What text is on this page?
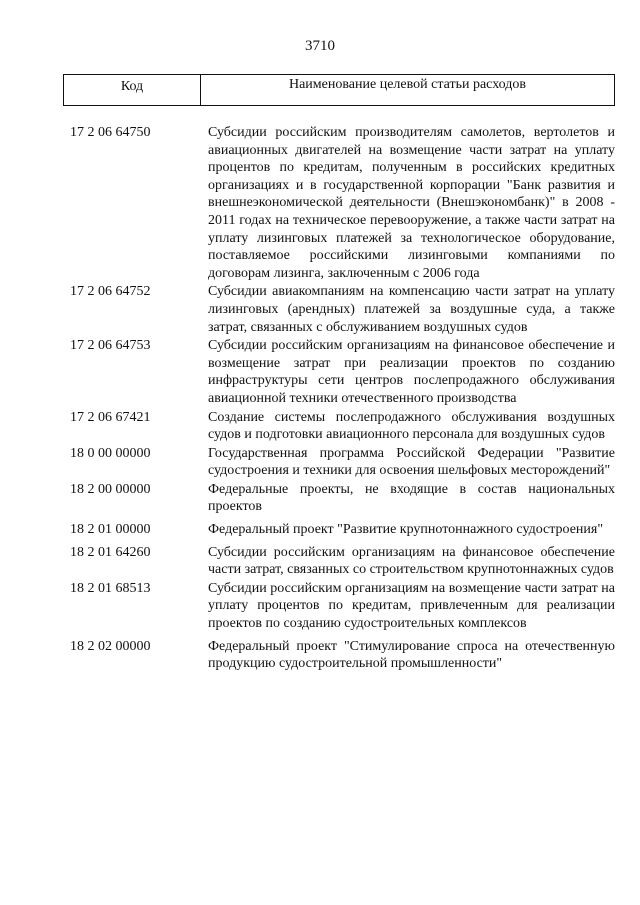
3710
Код	Наименование целевой статьи расходов
17 2 06 64750	Субсидии российским производителям самолетов, вертолетов и авиационных двигателей на возмещение части затрат на уплату процентов по кредитам, полученным в российских кредитных организациях и в государственной корпорации "Банк развития и внешнеэкономической деятельности (Внешэкономбанк)" в 2008 - 2011 годах на техническое перевооружение, а также части затрат на уплату лизинговых платежей за технологическое оборудование, поставляемое российскими лизинговыми компаниями по договорам лизинга, заключенным с 2006 года
17 2 06 64752	Субсидии авиакомпаниям на компенсацию части затрат на уплату лизинговых (арендных) платежей за воздушные суда, а также затрат, связанных с обслуживанием воздушных судов
17 2 06 64753	Субсидии российским организациям на финансовое обеспечение и возмещение затрат при реализации проектов по созданию инфраструктуры сети центров послепродажного обслуживания авиационной техники отечественного производства
17 2 06 67421	Создание системы послепродажного обслуживания воздушных судов и подготовки авиационного персонала для воздушных судов
18 0 00 00000	Государственная программа Российской Федерации "Развитие судостроения и техники для освоения шельфовых месторождений"
18 2 00 00000	Федеральные проекты, не входящие в состав национальных проектов
18 2 01 00000	Федеральный проект "Развитие крупнотоннажного судостроения"
18 2 01 64260	Субсидии российским организациям на финансовое обеспечение части затрат, связанных со строительством крупнотоннажных судов
18 2 01 68513	Субсидии российским организациям на возмещение части затрат на уплату процентов по кредитам, привлеченным для реализации проектов по созданию судостроительных комплексов
18 2 02 00000	Федеральный проект "Стимулирование спроса на отечественную продукцию судостроительной промышленности"
